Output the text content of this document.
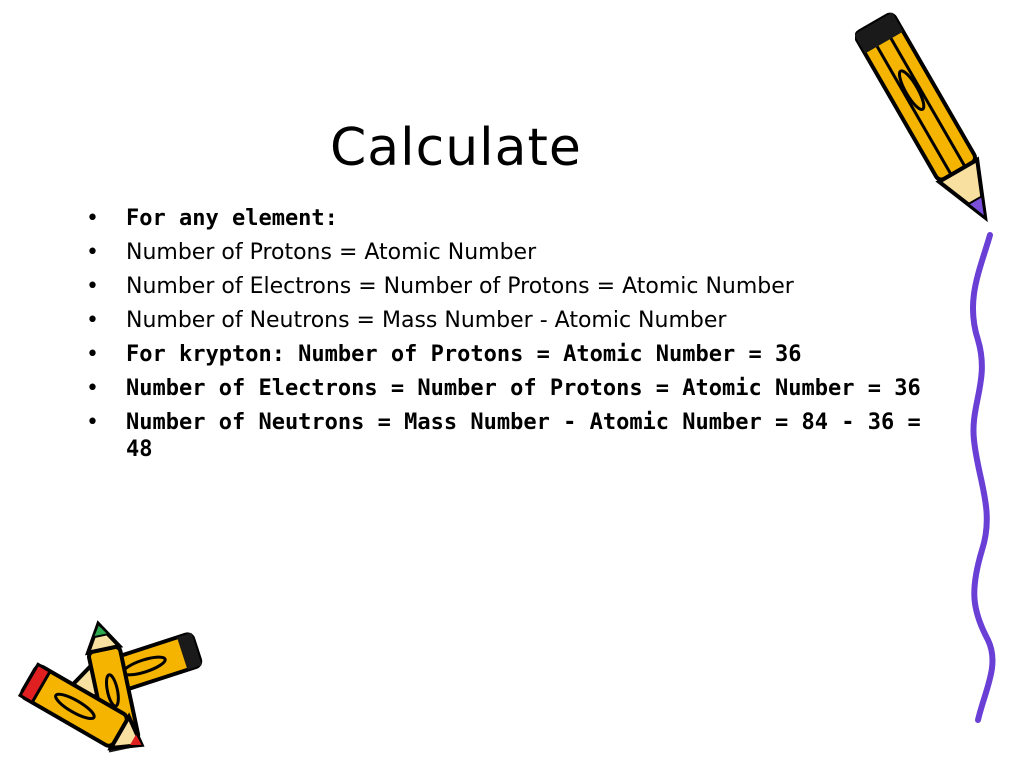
Calculate
• For any element:
• Number of Protons = Atomic Number
• Number of Electrons = Number of Protons = Atomic Number
• Number of Neutrons = Mass Number - Atomic Number
• For krypton: Number of Protons = Atomic Number = 36
• Number of Electrons = Number of Protons = Atomic Number = 36
• Number of Neutrons = Mass Number - Atomic Number = 84 - 36 = 48
